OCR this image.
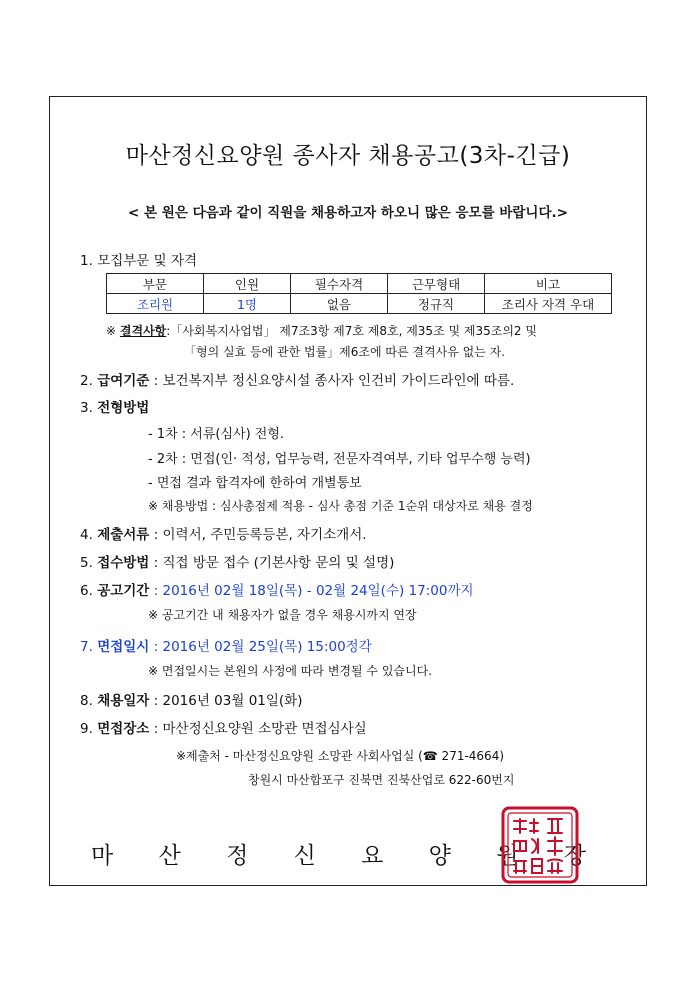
마산정신요양원 종사자 채용공고(3차-긴급)
< 본 원은 다음과 같이 직원을 채용하고자 하오니 많은 응모를 바랍니다.>
1. 모집부문 및 자격
부문	인원	필수자격	근무형태	비고
조리원	1명	없음	정규직	조리사 자격 우대
※ 결격사항:「사회복지사업법」 제7조3항 제7호 제8호, 제35조 및 제35조의2 및
「형의 실효 등에 관한 법률」제6조에 따른 결격사유 없는 자.
2. 급여기준 : 보건복지부 정신요양시설 종사자 인건비 가이드라인에 따름.
3. 전형방법
- 1차 : 서류(심사) 전형.
- 2차 : 면접(인· 적성, 업무능력, 전문자격여부, 기타 업무수행 능력)
- 면접 결과 합격자에 한하여 개별통보
※ 채용방법 : 심사총점제 적용 - 심사 총점 기준 1순위 대상자로 채용 결정
4. 제출서류 : 이력서, 주민등록등본, 자기소개서.
5. 접수방법 : 직접 방문 접수 (기본사항 문의 및 설명)
6. 공고기간 : 2016년 02월 18일(목) - 02월 24일(수) 17:00까지
※ 공고기간 내 채용자가 없을 경우 채용시까지 연장
7. 면접일시 : 2016년 02월 25일(목) 15:00정각
※ 면접일시는 본원의 사정에 따라 변경될 수 있습니다.
8. 채용일자 : 2016년 03월 01일(화)
9. 면접장소 : 마산정신요양원 소망관 면접심사실
※제출처 - 마산정신요양원 소망관 사회사업실 (☎ 271-4664)
창원시 마산합포구 진북면 진북산업로 622-60번지
마 산 정 신 요 양 원 장
